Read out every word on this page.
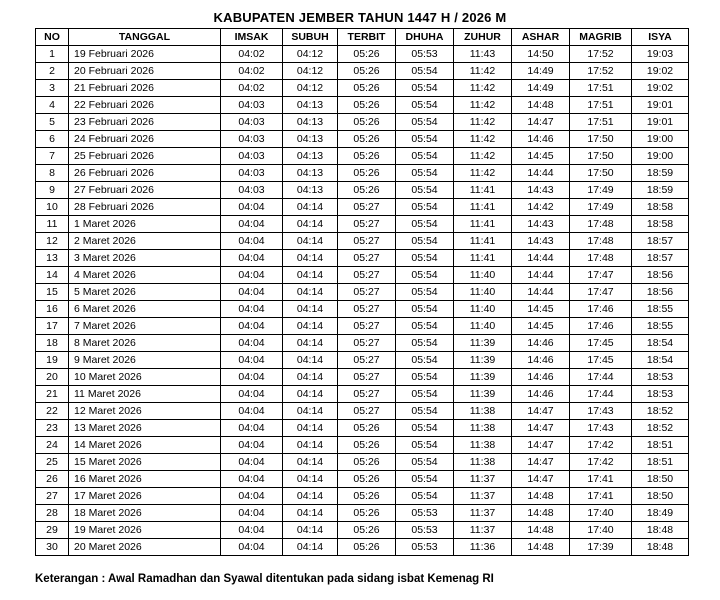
KABUPATEN JEMBER TAHUN 1447 H / 2026 M
NO	TANGGAL	IMSAK	SUBUH	TERBIT	DHUHA	ZUHUR	ASHAR	MAGRIB	ISYA
1	19 Februari 2026	04:02	04:12	05:26	05:53	11:43	14:50	17:52	19:03
2	20 Februari 2026	04:02	04:12	05:26	05:54	11:42	14:49	17:52	19:02
3	21 Februari 2026	04:02	04:12	05:26	05:54	11:42	14:49	17:51	19:02
4	22 Februari 2026	04:03	04:13	05:26	05:54	11:42	14:48	17:51	19:01
5	23 Februari 2026	04:03	04:13	05:26	05:54	11:42	14:47	17:51	19:01
6	24 Februari 2026	04:03	04:13	05:26	05:54	11:42	14:46	17:50	19:00
7	25 Februari 2026	04:03	04:13	05:26	05:54	11:42	14:45	17:50	19:00
8	26 Februari 2026	04:03	04:13	05:26	05:54	11:42	14:44	17:50	18:59
9	27 Februari 2026	04:03	04:13	05:26	05:54	11:41	14:43	17:49	18:59
10	28 Februari 2026	04:04	04:14	05:27	05:54	11:41	14:42	17:49	18:58
11	1 Maret 2026	04:04	04:14	05:27	05:54	11:41	14:43	17:48	18:58
12	2 Maret 2026	04:04	04:14	05:27	05:54	11:41	14:43	17:48	18:57
13	3 Maret 2026	04:04	04:14	05:27	05:54	11:41	14:44	17:48	18:57
14	4 Maret 2026	04:04	04:14	05:27	05:54	11:40	14:44	17:47	18:56
15	5 Maret 2026	04:04	04:14	05:27	05:54	11:40	14:44	17:47	18:56
16	6 Maret 2026	04:04	04:14	05:27	05:54	11:40	14:45	17:46	18:55
17	7 Maret 2026	04:04	04:14	05:27	05:54	11:40	14:45	17:46	18:55
18	8 Maret 2026	04:04	04:14	05:27	05:54	11:39	14:46	17:45	18:54
19	9 Maret 2026	04:04	04:14	05:27	05:54	11:39	14:46	17:45	18:54
20	10 Maret 2026	04:04	04:14	05:27	05:54	11:39	14:46	17:44	18:53
21	11 Maret 2026	04:04	04:14	05:27	05:54	11:39	14:46	17:44	18:53
22	12 Maret 2026	04:04	04:14	05:27	05:54	11:38	14:47	17:43	18:52
23	13 Maret 2026	04:04	04:14	05:26	05:54	11:38	14:47	17:43	18:52
24	14 Maret 2026	04:04	04:14	05:26	05:54	11:38	14:47	17:42	18:51
25	15 Maret 2026	04:04	04:14	05:26	05:54	11:38	14:47	17:42	18:51
26	16 Maret 2026	04:04	04:14	05:26	05:54	11:37	14:47	17:41	18:50
27	17 Maret 2026	04:04	04:14	05:26	05:54	11:37	14:48	17:41	18:50
28	18 Maret 2026	04:04	04:14	05:26	05:53	11:37	14:48	17:40	18:49
29	19 Maret 2026	04:04	04:14	05:26	05:53	11:37	14:48	17:40	18:48
30	20 Maret 2026	04:04	04:14	05:26	05:53	11:36	14:48	17:39	18:48
Keterangan : Awal Ramadhan dan Syawal ditentukan pada sidang isbat Kemenag RI
